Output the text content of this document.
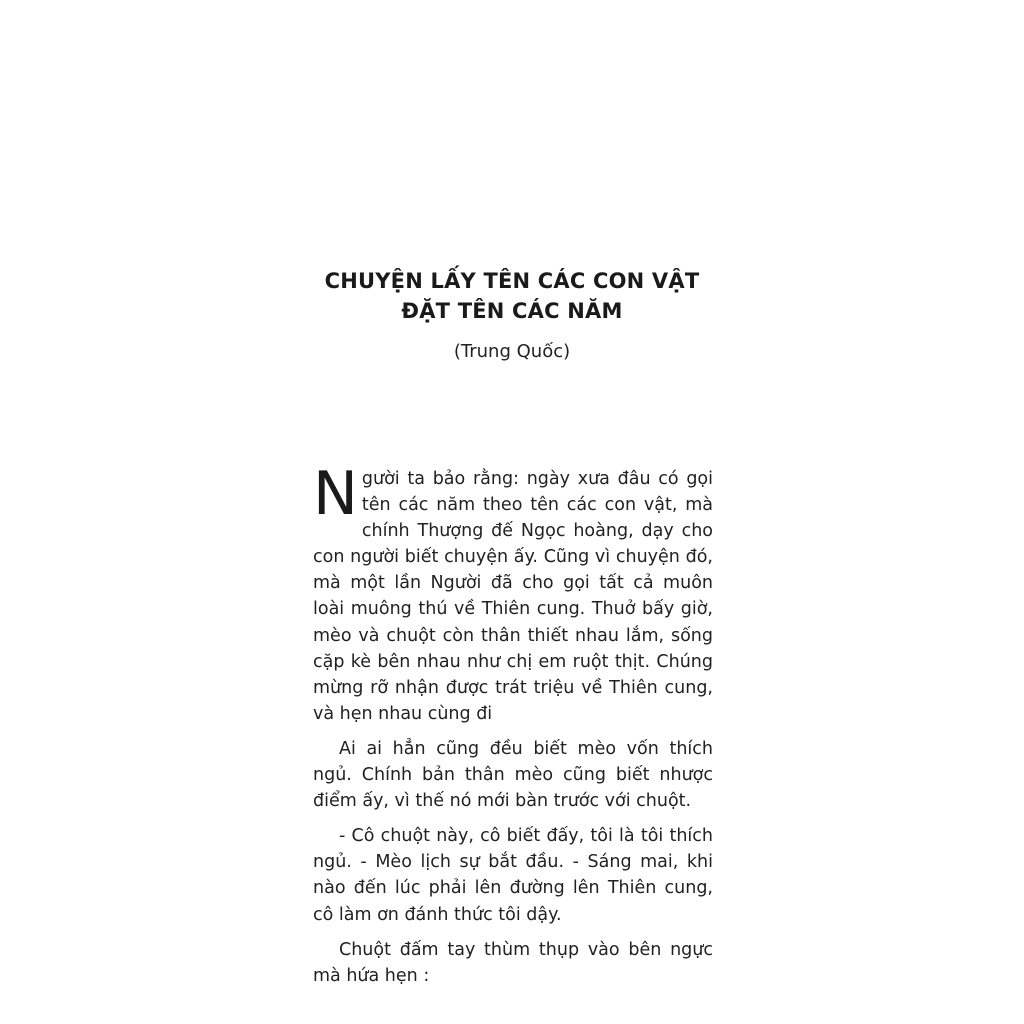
CHUYỆN LẤY TÊN CÁC CON VẬT
ĐẶT TÊN CÁC NĂM
(Trung Quốc)

Người ta bảo rằng: ngày xưa đâu có gọi tên các năm theo tên các con vật, mà chính Thượng đế Ngọc hoàng, dạy cho con người biết chuyện ấy. Cũng vì chuyện đó, mà một lần Người đã cho gọi tất cả muôn loài muông thú về Thiên cung. Thuở bấy giờ, mèo và chuột còn thân thiết nhau lắm, sống cặp kè bên nhau như chị em ruột thịt. Chúng mừng rỡ nhận được trát triệu về Thiên cung, và hẹn nhau cùng đi

Ai ai hẳn cũng đều biết mèo vốn thích ngủ. Chính bản thân mèo cũng biết nhược điểm ấy, vì thế nó mới bàn trước với chuột.

- Cô chuột này, cô biết đấy, tôi là tôi thích ngủ. - Mèo lịch sự bắt đầu. - Sáng mai, khi nào đến lúc phải lên đường lên Thiên cung, cô làm ơn đánh thức tôi dậy.

Chuột đấm tay thùm thụp vào bên ngực mà hứa hẹn :
